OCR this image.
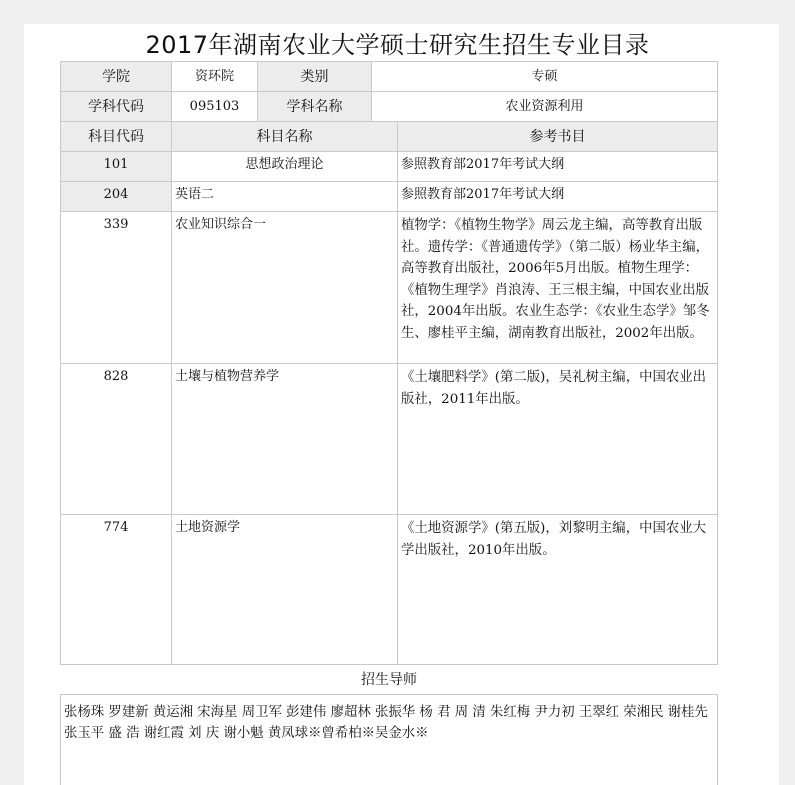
2017年湖南农业大学硕士研究生招生专业目录
学院	资环院	类别	专硕
学科代码	095103	学科名称	农业资源利用
科目代码	科目名称	参考书目
101	思想政治理论	参照教育部2017年考试大纲
204	英语二	参照教育部2017年考试大纲
339	农业知识综合一	植物学：《植物生物学》周云龙主编，高等教育出版社。遗传学：《普通遗传学》（第二版）杨业华主编，高等教育出版社，2006年5月出版。植物生理学：《植物生理学》肖浪涛、王三根主编，中国农业出版社，2004年出版。农业生态学：《农业生态学》邹冬生、廖桂平主编，湖南教育出版社，2002年出版。
828	土壤与植物营养学	《土壤肥料学》(第二版)，吴礼树主编，中国农业出版社，2011年出版。
774	土地资源学	《土地资源学》(第五版)，刘黎明主编，中国农业大学出版社，2010年出版。
招生导师
张杨珠 罗建新 黄运湘 宋海星 周卫军 彭建伟 廖超林 张振华 杨 君 周 清 朱红梅 尹力初 王翠红 荣湘民 谢桂先 张玉平 盛 浩 谢红霞 刘 庆 谢小魁 黄凤球※曾希柏※吴金水※
